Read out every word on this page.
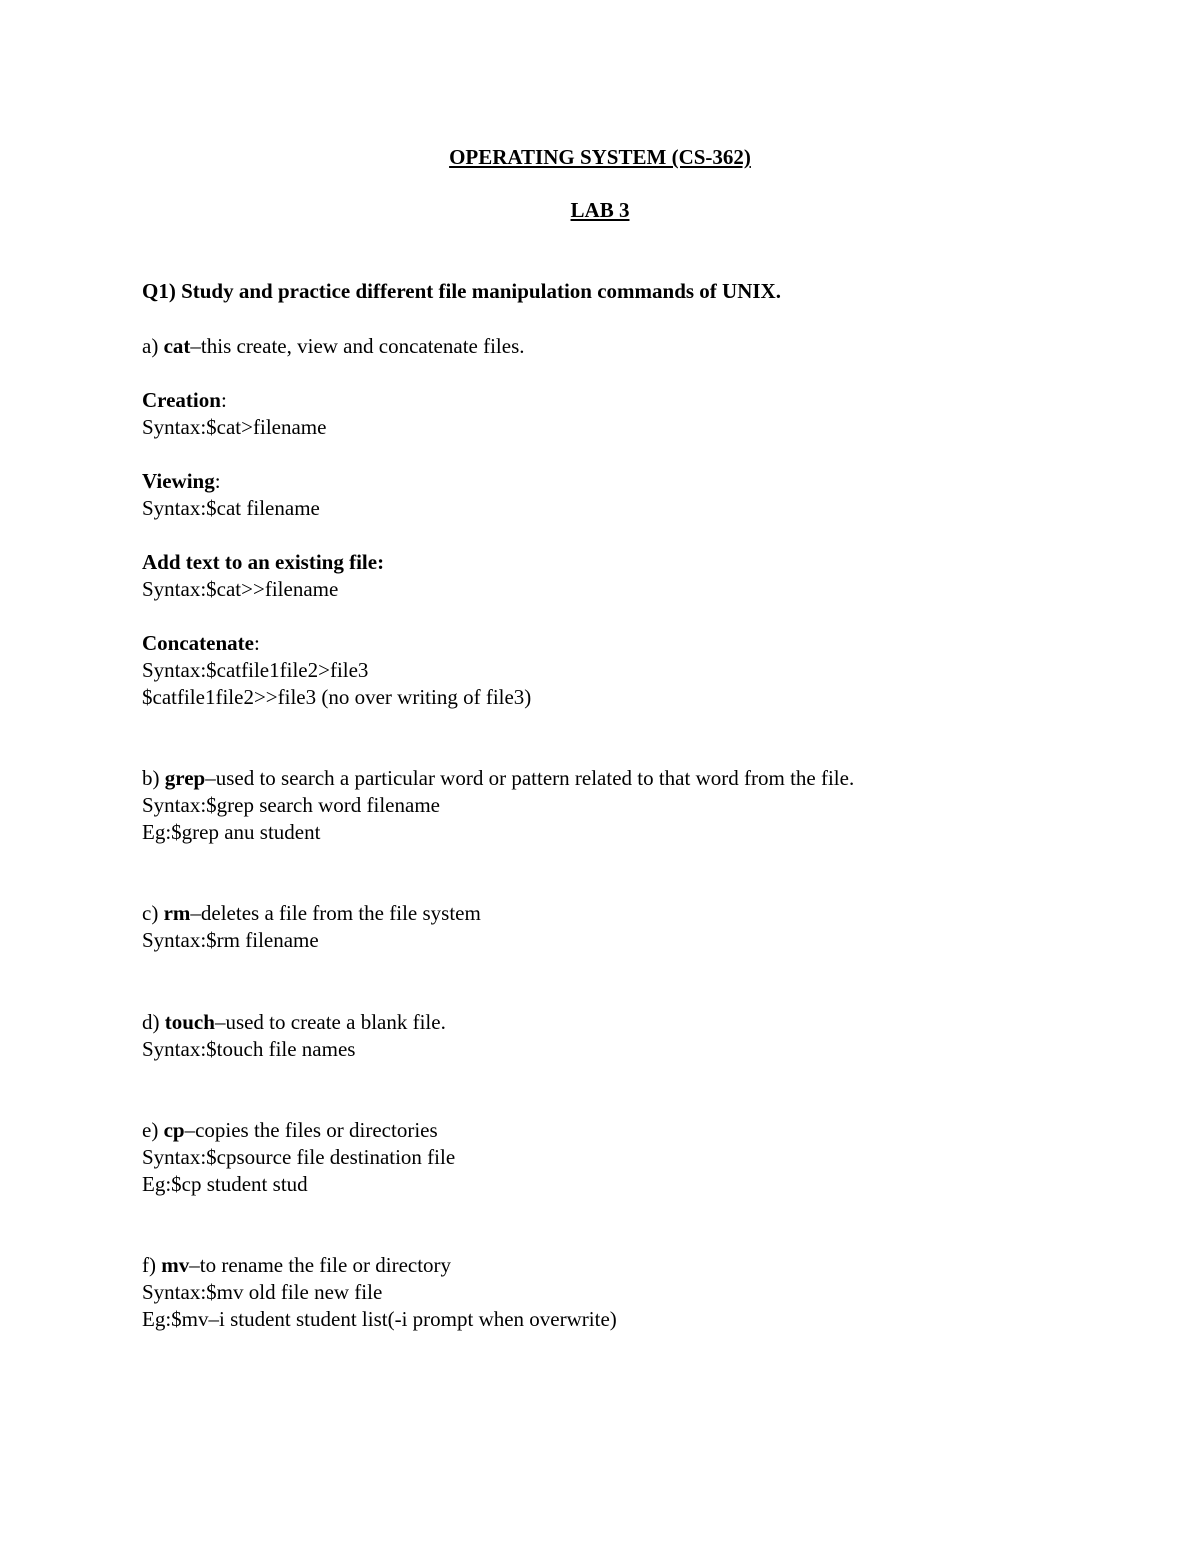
OPERATING SYSTEM (CS-362)

LAB 3

Q1) Study and practice different file manipulation commands of UNIX.

a) cat–this create, view and concatenate files.

Creation:

Syntax:$cat>filename

Viewing:

Syntax:$cat filename

Add text to an existing file:

Syntax:$cat>>filename

Concatenate:

Syntax:$catfile1file2>file3

$catfile1file2>>file3 (no over writing of file3)

b) grep–used to search a particular word or pattern related to that word from the file.

Syntax:$grep search word filename

Eg:$grep anu student

c) rm–deletes a file from the file system

Syntax:$rm filename

d) touch–used to create a blank file.

Syntax:$touch file names

e) cp–copies the files or directories

Syntax:$cpsource file destination file

Eg:$cp student stud

f) mv–to rename the file or directory

Syntax:$mv old file new file

Eg:$mv–i student student list(-i prompt when overwrite)
